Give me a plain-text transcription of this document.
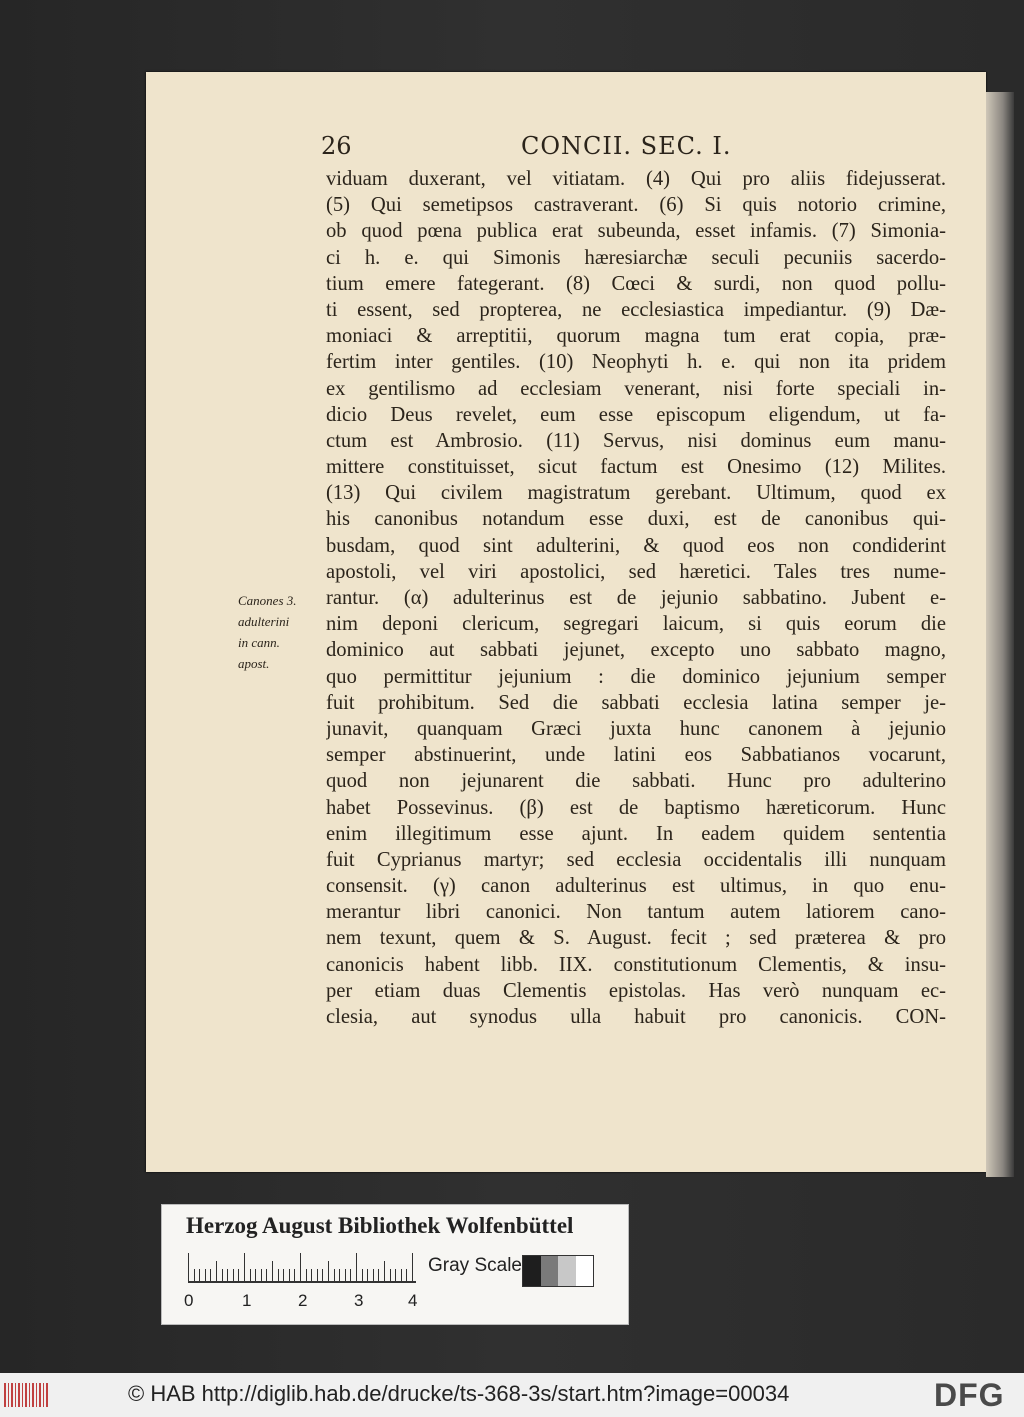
26	CONCII. SEC. I.
viduam duxerant, vel vitiatam. (4) Qui pro aliis fidejusserat.
(5) Qui semetipsos castraverant. (6) Si quis notorio crimine,
ob quod pœna publica erat subeunda, esset infamis. (7) Simonia-
ci h. e. qui Simonis hæresiarchæ seculi pecuniis sacerdo-
tium emere fategerant. (8) Cœci & surdi, non quod pollu-
ti essent, sed propterea, ne ecclesiastica impediantur. (9) Dæ-
moniaci & arreptitii, quorum magna tum erat copia, præ-
fertim inter gentiles. (10) Neophyti h. e. qui non ita pridem
ex gentilismo ad ecclesiam venerant, nisi forte speciali in-
dicio Deus revelet, eum esse episcopum eligendum, ut fa-
ctum est Ambrosio. (11) Servus, nisi dominus eum manu-
mittere constituisset, sicut factum est Onesimo (12) Milites.
(13) Qui civilem magistratum gerebant. Ultimum, quod ex
his canonibus notandum esse duxi, est de canonibus qui-
busdam, quod sint adulterini, & quod eos non condiderint
apostoli, vel viri apostolici, sed hæretici. Tales tres nume-
rantur. (α) adulterinus est de jejunio sabbatino. Jubent e-
nim deponi clericum, segregari laicum, si quis eorum die
dominico aut sabbati jejunet, excepto uno sabbato magno,
quo permittitur jejunium : die dominico jejunium semper
fuit prohibitum. Sed die sabbati ecclesia latina semper je-
junavit, quanquam Græci juxta hunc canonem à jejunio
semper abstinuerint, unde latini eos Sabbatianos vocarunt,
quod non jejunarent die sabbati. Hunc pro adulterino
habet Possevinus. (β) est de baptismo hæreticorum. Hunc
enim illegitimum esse ajunt. In eadem quidem sententia
fuit Cyprianus martyr; sed ecclesia occidentalis illi nunquam
consensit. (γ) canon adulterinus est ultimus, in quo enu-
merantur libri canonici. Non tantum autem latiorem cano-
nem texunt, quem & S. August. fecit ; sed præterea & pro
canonicis habent libb. IIX. constitutionum Clementis, & insu-
per etiam duas Clementis epistolas. Has verò nunquam ec-
clesia, aut synodus ulla habuit pro canonicis. CON-
Canones 3.
adulterini
in cann.
apost.
Herzog August Bibliothek Wolfenbüttel
0	1	2	3	4
Gray Scale
© HAB http://diglib.hab.de/drucke/ts-368-3s/start.htm?image=00034	DFG
